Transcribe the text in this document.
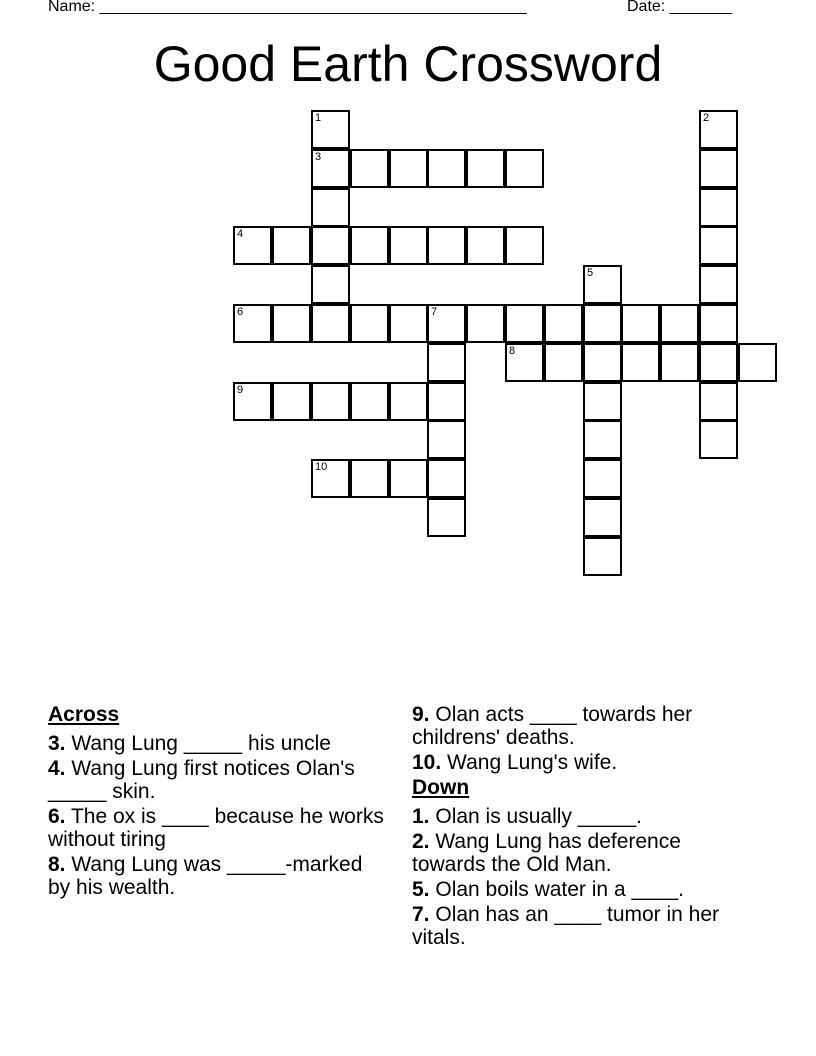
Name: ________________________________________________	Date: _______
Good Earth Crossword
1	2
3
4
5
6	7
8
9
10
Across
3. Wang Lung _____ his uncle
4. Wang Lung first notices Olan's _____ skin.
6. The ox is ____ because he works without tiring
8. Wang Lung was _____-marked by his wealth.
9. Olan acts ____ towards her childrens' deaths.
10. Wang Lung's wife.
Down
1. Olan is usually _____.
2. Wang Lung has deference towards the Old Man.
5. Olan boils water in a ____.
7. Olan has an ____ tumor in her vitals.
